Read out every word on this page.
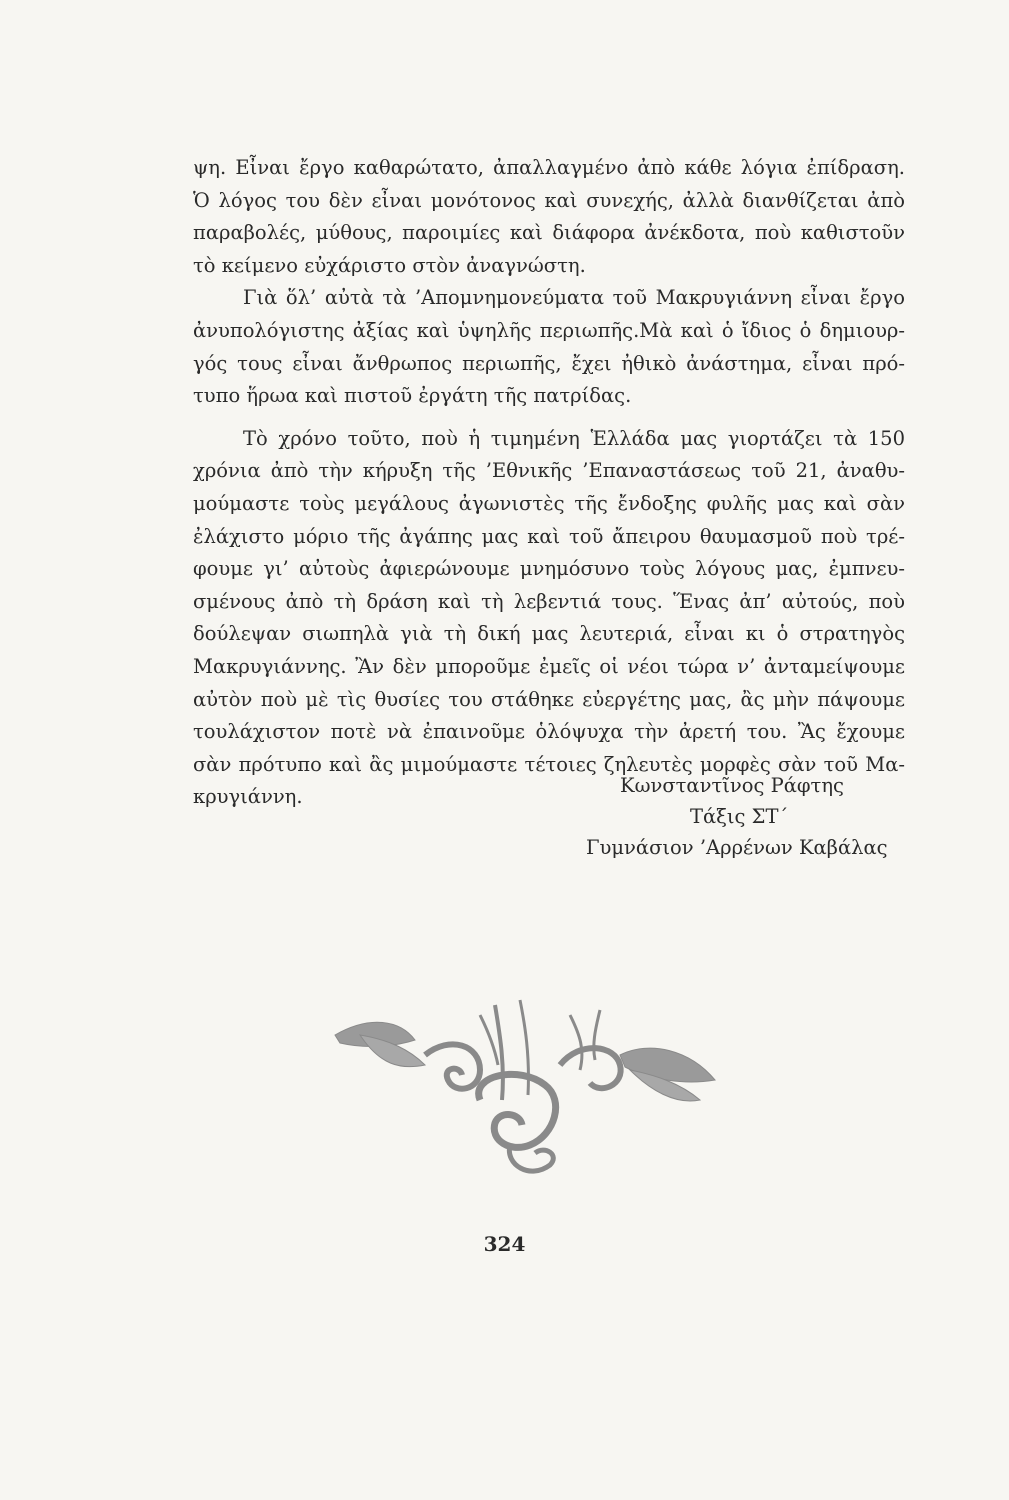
ψη. Εἶναι ἔργο καθαρώτατο, ἀπαλλαγμένο ἀπὸ κάθε λόγια ἐπίδραση.
Ὁ λόγος του δὲν εἶναι μονότονος καὶ συνεχής, ἀλλὰ διανθίζεται ἀπὸ
παραβολές, μύθους, παροιμίες καὶ διάφορα ἀνέκδοτα, ποὺ καθιστοῦν
τὸ κείμενο εὐχάριστο στὸν ἀναγνώστη.
Γιὰ ὅλ’ αὐτὰ τὰ ’Απομνημονεύματα τοῦ Μακρυγιάννη εἶναι ἔργο
ἀνυπολόγιστης ἀξίας καὶ ὑψηλῆς περιωπῆς.Μὰ καὶ ὁ ἴδιος ὁ δημιουρ-
γός τους εἶναι ἄνθρωπος περιωπῆς, ἔχει ἠθικὸ ἀνάστημα, εἶναι πρό-
τυπο ἥρωα καὶ πιστοῦ ἐργάτη τῆς πατρίδας.
Τὸ χρόνο τοῦτο, ποὺ ἡ τιμημένη Ἑλλάδα μας γιορτάζει τὰ 150
χρόνια ἀπὸ τὴν κήρυξη τῆς ’Εθνικῆς ’Επαναστάσεως τοῦ 21, ἀναθυ-
μούμαστε τοὺς μεγάλους ἀγωνιστὲς τῆς ἔνδοξης φυλῆς μας καὶ σὰν
ἐλάχιστο μόριο τῆς ἀγάπης μας καὶ τοῦ ἄπειρου θαυμασμοῦ ποὺ τρέ-
φουμε γι’ αὐτοὺς ἀφιερώνουμε μνημόσυνο τοὺς λόγους μας, ἐμπνευ-
σμένους ἀπὸ τὴ δράση καὶ τὴ λεβεντιά τους. Ἕνας ἀπ’ αὐτούς, ποὺ
δούλεψαν σιωπηλὰ γιὰ τὴ δική μας λευτεριά, εἶναι κι ὁ στρατηγὸς
Μακρυγιάννης. Ἂν δὲν μποροῦμε ἐμεῖς οἱ νέοι τώρα ν’ ἀνταμείψουμε
αὐτὸν ποὺ μὲ τὶς θυσίες του στάθηκε εὐεργέτης μας, ἂς μὴν πάψουμε
τουλάχιστον ποτὲ νὰ ἐπαινοῦμε ὁλόψυχα τὴν ἀρετή του. Ἂς ἔχουμε
σὰν πρότυπο καὶ ἂς μιμούμαστε τέτοιες ζηλευτὲς μορφὲς σὰν τοῦ Μα-
κρυγιάννη.	Κωνσταντῖνος Ράφτης
Τάξις ΣΤ΄
Γυμνάσιον ’Αρρένων Καβάλας
324
